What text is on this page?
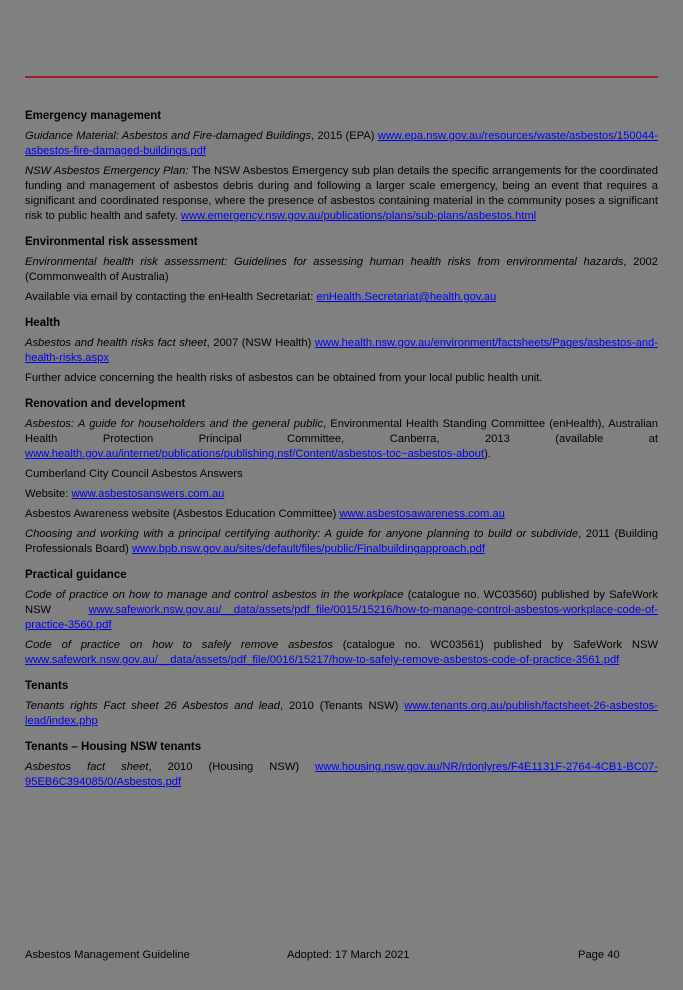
Emergency management

Guidance Material: Asbestos and Fire-damaged Buildings, 2015 (EPA) www.epa.nsw.gov.au/resources/waste/asbestos/150044-asbestos-fire-damaged-buildings.pdf

NSW Asbestos Emergency Plan: The NSW Asbestos Emergency sub plan details the specific arrangements for the coordinated funding and management of asbestos debris during and following a larger scale emergency, being an event that requires a significant and coordinated response, where the presence of asbestos containing material in the community poses a significant risk to public health and safety. www.emergency.nsw.gov.au/publications/plans/sub-plans/asbestos.html

Environmental risk assessment

Environmental health risk assessment: Guidelines for assessing human health risks from environmental hazards, 2002 (Commonwealth of Australia)

Available via email by contacting the enHealth Secretariat: enHealth.Secretariat@health.gov.au

Health

Asbestos and health risks fact sheet, 2007 (NSW Health) www.health.nsw.gov.au/environment/factsheets/Pages/asbestos-and-health-risks.aspx

Further advice concerning the health risks of asbestos can be obtained from your local public health unit.

Renovation and development

Asbestos: A guide for householders and the general public, Environmental Health Standing Committee (enHealth), Australian Health Protection Principal Committee, Canberra, 2013 (available at www.health.gov.au/internet/publications/publishing.nsf/Content/asbestos-toc~asbestos-about).

Cumberland City Council Asbestos Answers

Website: www.asbestosanswers.com.au

Asbestos Awareness website (Asbestos Education Committee) www.asbestosawareness.com.au

Choosing and working with a principal certifying authority: A guide for anyone planning to build or subdivide, 2011 (Building Professionals Board) www.bpb.nsw.gov.au/sites/default/files/public/Finalbuildingapproach.pdf

Practical guidance

Code of practice on how to manage and control asbestos in the workplace (catalogue no. WC03560) published by SafeWork NSW www.safework.nsw.gov.au/__data/assets/pdf_file/0015/15216/how-to-manage-control-asbestos-workplace-code-of-practice-3560.pdf

Code of practice on how to safely remove asbestos (catalogue no. WC03561) published by SafeWork NSW www.safework.nsw.gov.au/__data/assets/pdf_file/0016/15217/how-to-safely-remove-asbestos-code-of-practice-3561.pdf

Tenants

Tenants rights Fact sheet 26 Asbestos and lead, 2010 (Tenants NSW) www.tenants.org.au/publish/factsheet-26-asbestos-lead/index.php

Tenants – Housing NSW tenants

Asbestos fact sheet, 2010 (Housing NSW) www.housing.nsw.gov.au/NR/rdonlyres/F4E1131F-2764-4CB1-BC07-95EB6C394085/0/Asbestos.pdf

Asbestos Management Guideline	Adopted: 17 March 2021	Page 40
